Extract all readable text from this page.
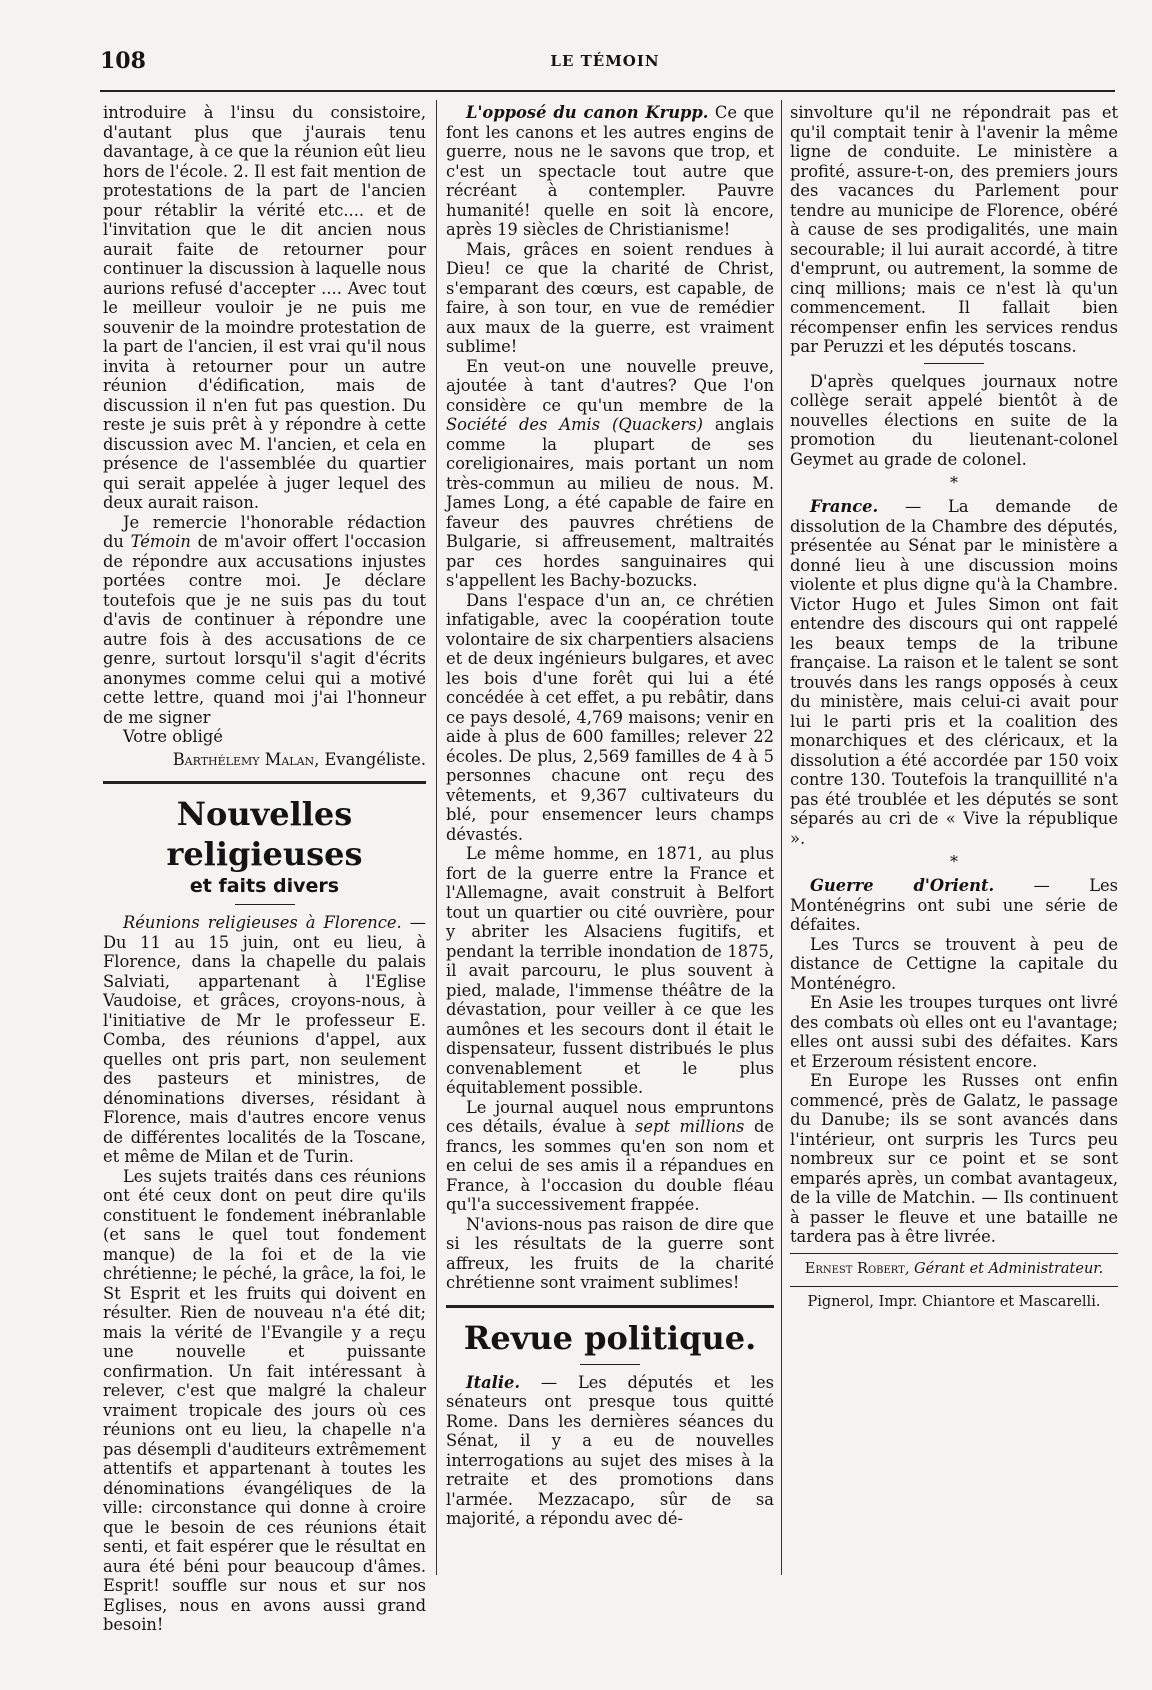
108	LE TÉMOIN

introduire à l'insu du consistoire, d'autant plus que j'aurais tenu davantage, à ce que la réunion eût lieu hors de l'école. 2. Il est fait mention de protestations de la part de l'ancien pour rétablir la vérité etc.... et de l'invitation que le dit ancien nous aurait faite de retourner pour continuer la discussion à laquelle nous aurions refusé d'accepter .... Avec tout le meilleur vouloir je ne puis me souvenir de la moindre protestation de la part de l'ancien, il est vrai qu'il nous invita à retourner pour un autre réunion d'édification, mais de discussion il n'en fut pas question. Du reste je suis prêt à y répondre à cette discussion avec M. l'ancien, et cela en présence de l'assemblée du quartier qui serait appelée à juger lequel des deux aurait raison.

Je remercie l'honorable rédaction du Témoin de m'avoir offert l'occasion de répondre aux accusations injustes portées contre moi. Je déclare toutefois que je ne suis pas du tout d'avis de continuer à répondre une autre fois à des accusations de ce genre, surtout lorsqu'il s'agit d'écrits anonymes comme celui qui a motivé cette lettre, quand moi j'ai l'honneur de me signer

Votre obligé

Barthélemy Malan, Evangéliste.

Nouvelles religieuses
et faits divers

Réunions religieuses à Florence. — Du 11 au 15 juin, ont eu lieu, à Florence, dans la chapelle du palais Salviati, appartenant à l'Eglise Vaudoise, et grâces, croyons-nous, à l'initiative de Mr le professeur E. Comba, des réunions d'appel, aux quelles ont pris part, non seulement des pasteurs et ministres, de dénominations diverses, résidant à Florence, mais d'autres encore venus de différentes localités de la Toscane, et même de Milan et de Turin.

Les sujets traités dans ces réunions ont été ceux dont on peut dire qu'ils constituent le fondement inébranlable (et sans le quel tout fondement manque) de la foi et de la vie chrétienne; le péché, la grâce, la foi, le St Esprit et les fruits qui doivent en résulter. Rien de nouveau n'a été dit; mais la vérité de l'Evangile y a reçu une nouvelle et puissante confirmation. Un fait intéressant à relever, c'est que malgré la chaleur vraiment tropicale des jours où ces réunions ont eu lieu, la chapelle n'a pas désempli d'auditeurs extrêmement attentifs et appartenant à toutes les dénominations évangéliques de la ville: circonstance qui donne à croire que le besoin de ces réunions était senti, et fait espérer que le résultat en aura été béni pour beaucoup d'âmes. Esprit! souffle sur nous et sur nos Eglises, nous en avons aussi grand besoin!

L'opposé du canon Krupp. Ce que font les canons et les autres engins de guerre, nous ne le savons que trop, et c'est un spectacle tout autre que récréant à contempler. Pauvre humanité! quelle en soit là encore, après 19 siècles de Christianisme!

Mais, grâces en soient rendues à Dieu! ce que la charité de Christ, s'emparant des cœurs, est capable, de faire, à son tour, en vue de remédier aux maux de la guerre, est vraiment sublime!

En veut-on une nouvelle preuve, ajoutée à tant d'autres? Que l'on considère ce qu'un membre de la Société des Amis (Quackers) anglais comme la plupart de ses coreligionaires, mais portant un nom très-commun au milieu de nous. M. James Long, a été capable de faire en faveur des pauvres chrétiens de Bulgarie, si affreusement, maltraités par ces hordes sanguinaires qui s'appellent les Bachy-bozucks.

Dans l'espace d'un an, ce chrétien infatigable, avec la coopération toute volontaire de six charpentiers alsaciens et de deux ingénieurs bulgares, et avec les bois d'une forêt qui lui a été concédée à cet effet, a pu rebâtir, dans ce pays desolé, 4,769 maisons; venir en aide à plus de 600 familles; relever 22 écoles. De plus, 2,569 familles de 4 à 5 personnes chacune ont reçu des vêtements, et 9,367 cultivateurs du blé, pour ensemencer leurs champs dévastés.

Le même homme, en 1871, au plus fort de la guerre entre la France et l'Allemagne, avait construit à Belfort tout un quartier ou cité ouvrière, pour y abriter les Alsaciens fugitifs, et pendant la terrible inondation de 1875, il avait parcouru, le plus souvent à pied, malade, l'immense théâtre de la dévastation, pour veiller à ce que les aumônes et les secours dont il était le dispensateur, fussent distribués le plus convenablement et le plus équitablement possible.

Le journal auquel nous empruntons ces détails, évalue à sept millions de francs, les sommes qu'en son nom et en celui de ses amis il a répandues en France, à l'occasion du double fléau qu'l'a successivement frappée.

N'avions-nous pas raison de dire que si les résultats de la guerre sont affreux, les fruits de la charité chrétienne sont vraiment sublimes!

Revue politique.

Italie. — Les députés et les sénateurs ont presque tous quitté Rome. Dans les dernières séances du Sénat, il y a eu de nouvelles interrogations au sujet des mises à la retraite et des promotions dans l'armée. Mezzacapo, sûr de sa majorité, a répondu avec dé-

sinvolture qu'il ne répondrait pas et qu'il comptait tenir à l'avenir la même ligne de conduite. Le ministère a profité, assure-t-on, des premiers jours des vacances du Parlement pour tendre au municipe de Florence, obéré à cause de ses prodigalités, une main secourable; il lui aurait accordé, à titre d'emprunt, ou autrement, la somme de cinq millions; mais ce n'est là qu'un commencement. Il fallait bien récompenser enfin les services rendus par Peruzzi et les députés toscans.

D'après quelques journaux notre collège serait appelé bientôt à de nouvelles élections en suite de la promotion du lieutenant-colonel Geymet au grade de colonel.

*

France. — La demande de dissolution de la Chambre des députés, présentée au Sénat par le ministère a donné lieu à une discussion moins violente et plus digne qu'à la Chambre. Victor Hugo et Jules Simon ont fait entendre des discours qui ont rappelé les beaux temps de la tribune française. La raison et le talent se sont trouvés dans les rangs opposés à ceux du ministère, mais celui-ci avait pour lui le parti pris et la coalition des monarchiques et des cléricaux, et la dissolution a été accordée par 150 voix contre 130. Toutefois la tranquillité n'a pas été troublée et les députés se sont séparés au cri de « Vive la république ».

*

Guerre d'Orient. — Les Monténégrins ont subi une série de défaites.

Les Turcs se trouvent à peu de distance de Cettigne la capitale du Monténégro.

En Asie les troupes turques ont livré des combats où elles ont eu l'avantage; elles ont aussi subi des défaites. Kars et Erzeroum résistent encore.

En Europe les Russes ont enfin commencé, près de Galatz, le passage du Danube; ils se sont avancés dans l'intérieur, ont surpris les Turcs peu nombreux sur ce point et se sont emparés après, un combat avantageux, de la ville de Matchin. — Ils continuent à passer le fleuve et une bataille ne tardera pas à être livrée.

Ernest Robert, Gérant et Administrateur.
Pignerol, Impr. Chiantore et Mascarelli.
